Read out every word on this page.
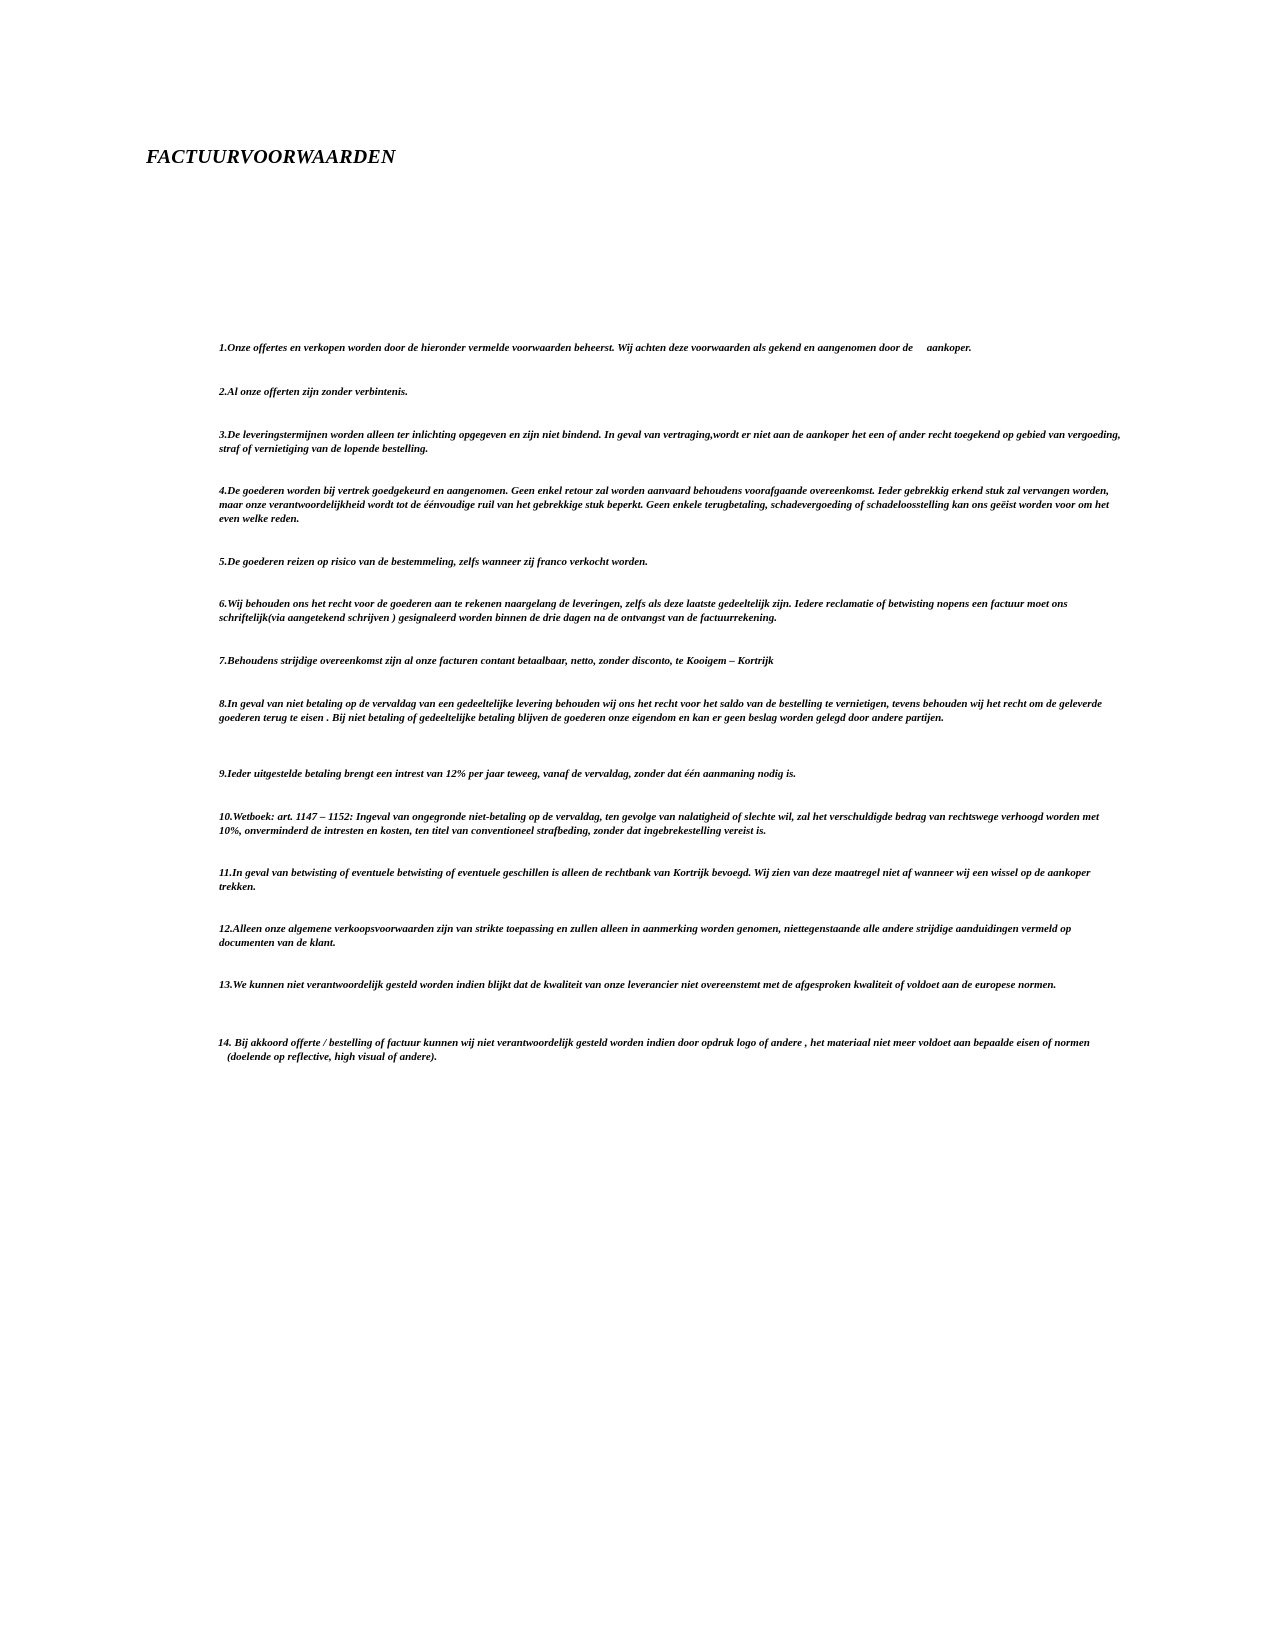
FACTUURVOORWAARDEN

1.Onze offertes en verkopen worden door de hieronder vermelde voorwaarden beheerst. Wij achten deze voorwaarden als gekend en aangenomen door de     aankoper.

2.Al onze offerten zijn zonder verbintenis.

3.De leveringstermijnen worden alleen ter inlichting opgegeven en zijn niet bindend. In geval van vertraging,wordt er niet aan de aankoper het een of ander recht toegekend op gebied van vergoeding, straf of vernietiging van de lopende bestelling.

4.De goederen worden bij vertrek goedgekeurd en aangenomen. Geen enkel retour zal worden aanvaard behoudens voorafgaande overeenkomst. Ieder gebrekkig erkend stuk zal vervangen worden, maar onze verantwoordelijkheid wordt tot de éénvoudige ruil van het gebrekkige stuk beperkt. Geen enkele terugbetaling, schadevergoeding of schadeloosstelling kan ons geëist worden voor om het even welke reden.

5.De goederen reizen op risico van de bestemmeling, zelfs wanneer zij franco verkocht worden.

6.Wij behouden ons het recht voor de goederen aan te rekenen naargelang de leveringen, zelfs als deze laatste gedeeltelijk zijn. Iedere reclamatie of betwisting nopens een factuur moet ons schriftelijk(via aangetekend schrijven ) gesignaleerd worden binnen de drie dagen na de ontvangst van de factuurrekening.

7.Behoudens strijdige overeenkomst zijn al onze facturen contant betaalbaar, netto, zonder disconto, te Kooigem – Kortrijk

8.In geval van niet betaling op de vervaldag van een gedeeltelijke levering behouden wij ons het recht voor het saldo van de bestelling te vernietigen, tevens behouden wij het recht om de geleverde goederen terug te eisen . Bij niet betaling of gedeeltelijke betaling blijven de goederen onze eigendom en kan er geen beslag worden gelegd door andere partijen.

9.Ieder uitgestelde betaling brengt een intrest van 12% per jaar teweeg, vanaf de vervaldag, zonder dat één aanmaning nodig is.

10.Wetboek: art. 1147 – 1152: Ingeval van ongegronde niet-betaling op de vervaldag, ten gevolge van nalatigheid of slechte wil, zal het verschuldigde bedrag van rechtswege verhoogd worden met 10%, onverminderd de intresten en kosten, ten titel van conventioneel strafbeding, zonder dat ingebrekestelling vereist is.

11.In geval van betwisting of eventuele betwisting of eventuele geschillen is alleen de rechtbank van Kortrijk bevoegd. Wij zien van deze maatregel niet af wanneer wij een wissel op de aankoper trekken.

12.Alleen onze algemene verkoopsvoorwaarden zijn van strikte toepassing en zullen alleen in aanmerking worden genomen, niettegenstaande alle andere strijdige aanduidingen vermeld op documenten van de klant.

13.We kunnen niet verantwoordelijk gesteld worden indien blijkt dat de kwaliteit van onze leverancier niet overeenstemt met de afgesproken kwaliteit of voldoet aan de europese normen.

14. Bij akkoord offerte / bestelling of factuur kunnen wij niet verantwoordelijk gesteld worden indien door opdruk logo of andere , het materiaal niet meer voldoet aan bepaalde eisen of normen (doelende op reflective, high visual of andere).
